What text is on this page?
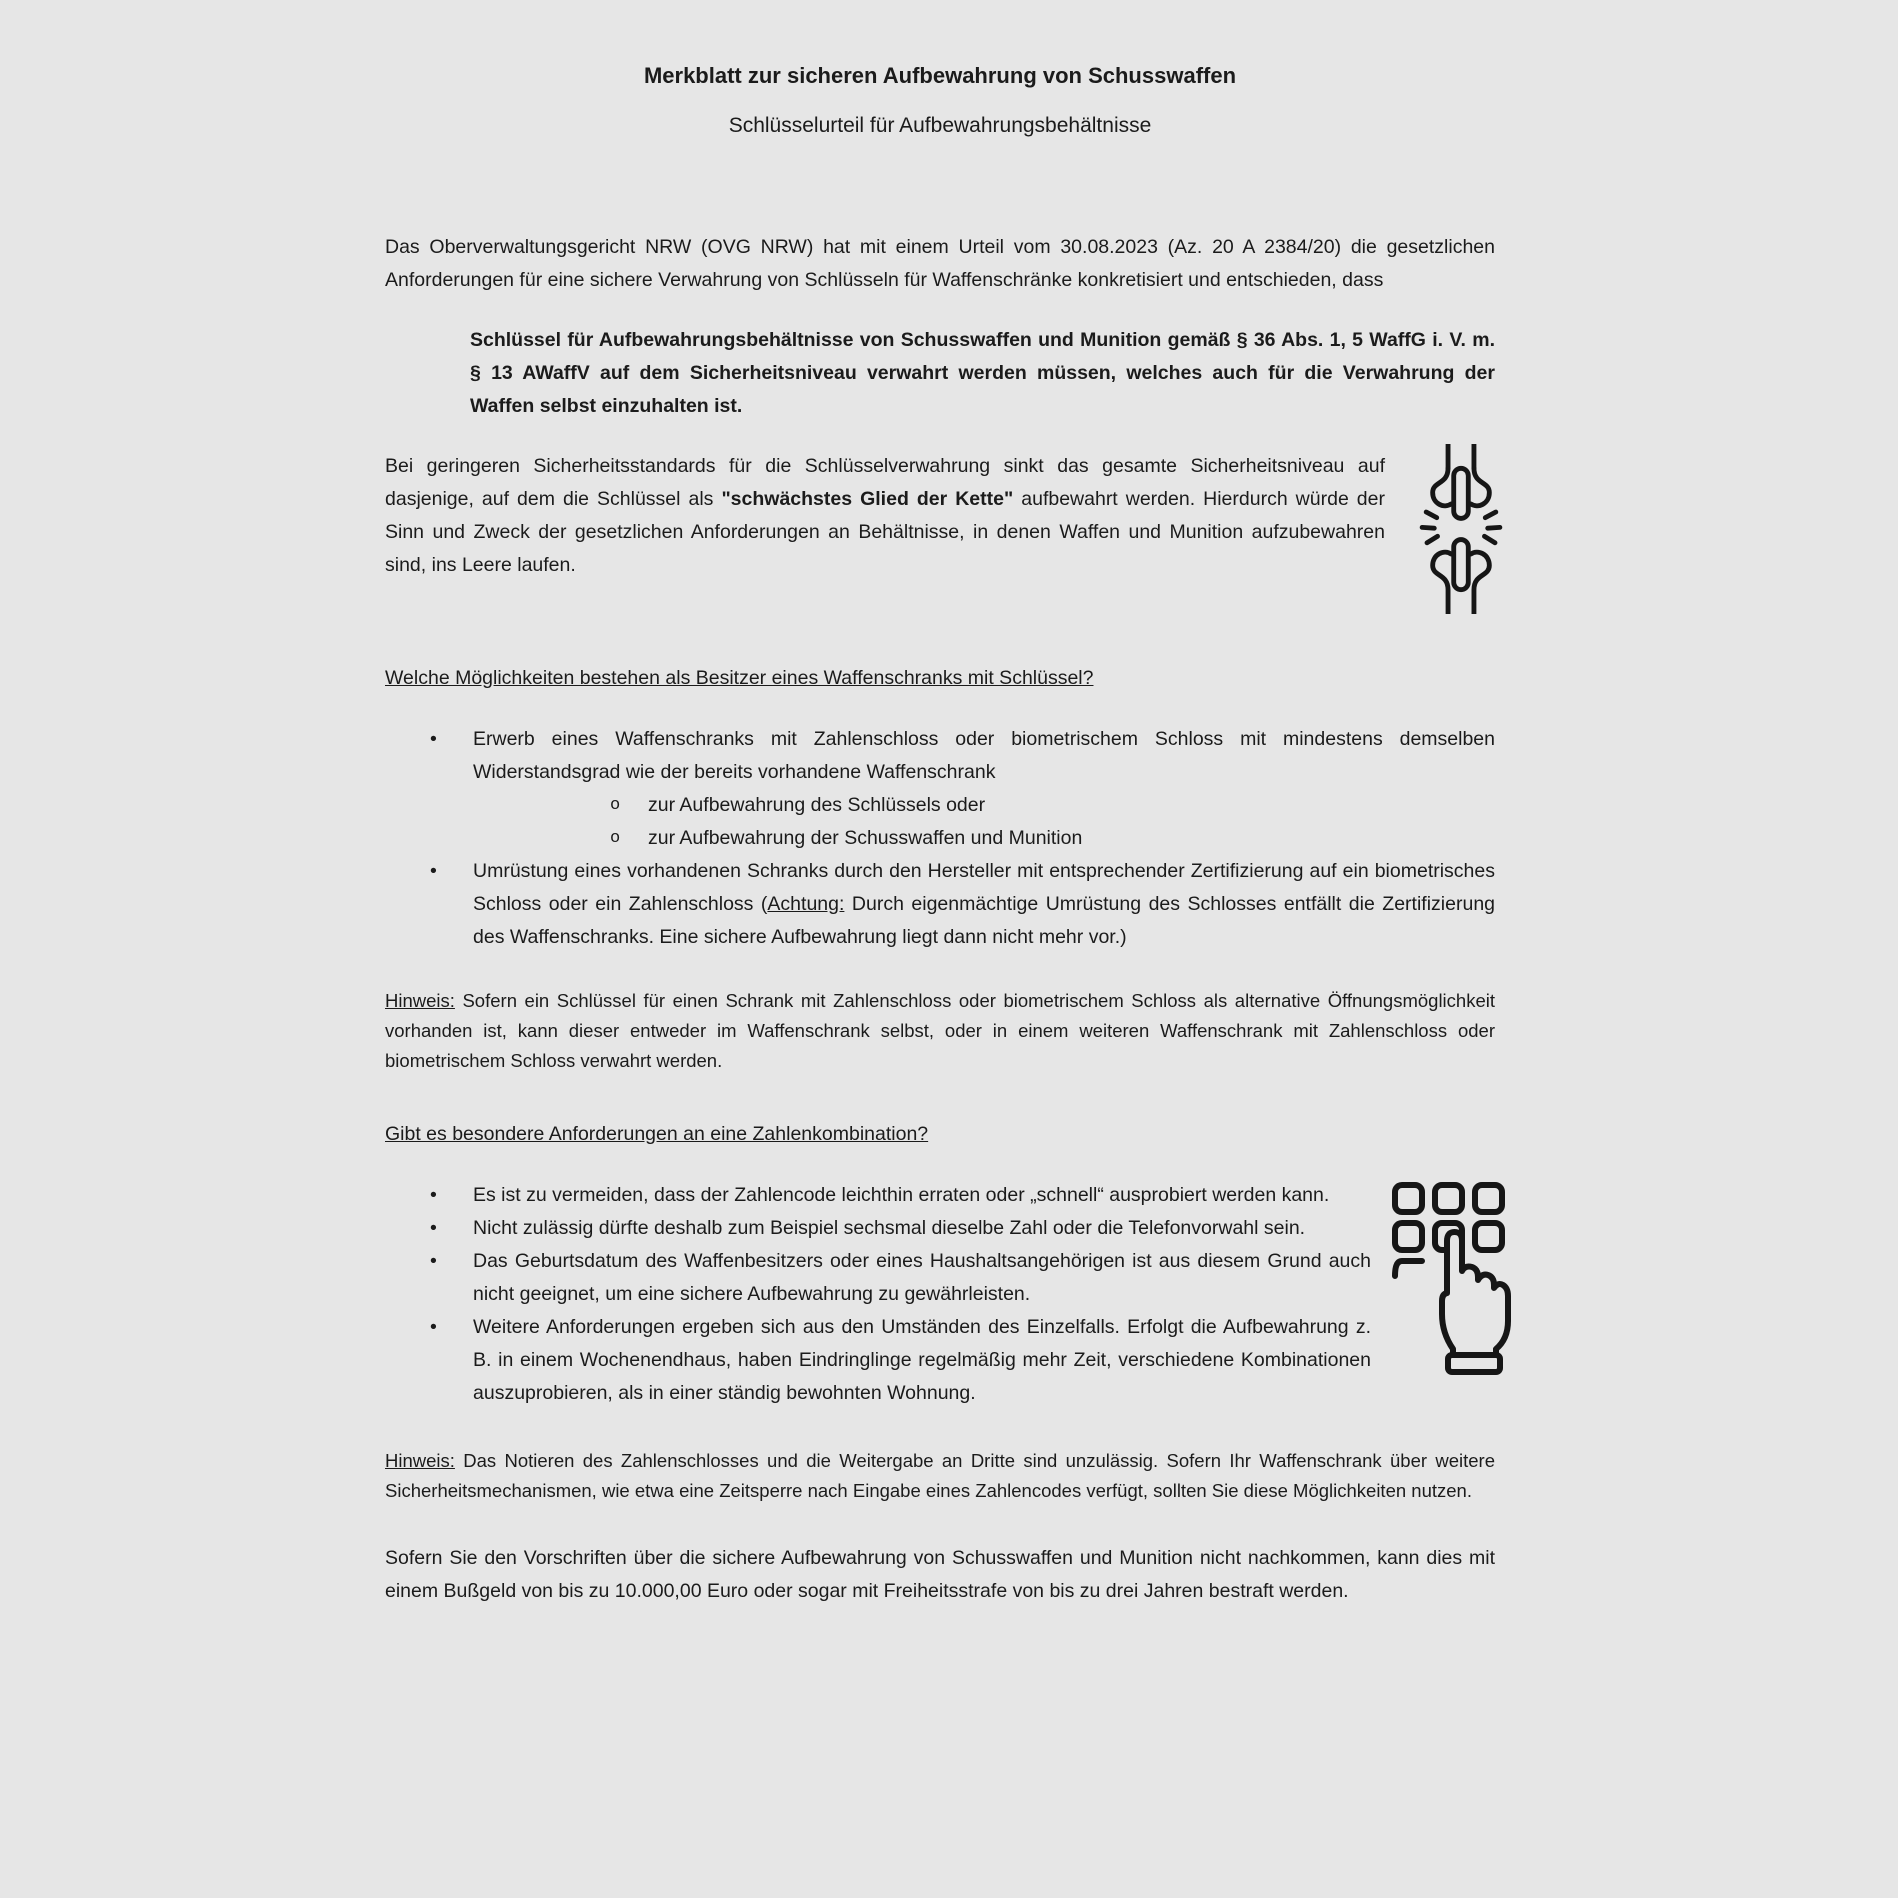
Merkblatt zur sicheren Aufbewahrung von Schusswaffen

Schlüsselurteil für Aufbewahrungsbehältnisse

Das Oberverwaltungsgericht NRW (OVG NRW) hat mit einem Urteil vom 30.08.2023 (Az. 20 A 2384/20) die gesetzlichen Anforderungen für eine sichere Verwahrung von Schlüsseln für Waffenschränke konkretisiert und entschieden, dass

Schlüssel für Aufbewahrungsbehältnisse von Schusswaffen und Munition gemäß § 36 Abs. 1, 5 WaffG i. V. m. § 13 AWaffV auf dem Sicherheitsniveau verwahrt werden müssen, welches auch für die Verwahrung der Waffen selbst einzuhalten ist.

Bei geringeren Sicherheitsstandards für die Schlüsselverwahrung sinkt das gesamte Sicherheitsniveau auf dasjenige, auf dem die Schlüssel als "schwächstes Glied der Kette" aufbewahrt werden. Hierdurch würde der Sinn und Zweck der gesetzlichen Anforderungen an Behältnisse, in denen Waffen und Munition aufzubewahren sind, ins Leere laufen.

Welche Möglichkeiten bestehen als Besitzer eines Waffenschranks mit Schlüssel?

• Erwerb eines Waffenschranks mit Zahlenschloss oder biometrischem Schloss mit mindestens demselben Widerstandsgrad wie der bereits vorhandene Waffenschrank
o zur Aufbewahrung des Schlüssels oder
o zur Aufbewahrung der Schusswaffen und Munition
• Umrüstung eines vorhandenen Schranks durch den Hersteller mit entsprechender Zertifizierung auf ein biometrisches Schloss oder ein Zahlenschloss (Achtung: Durch eigenmächtige Umrüstung des Schlosses entfällt die Zertifizierung des Waffenschranks. Eine sichere Aufbewahrung liegt dann nicht mehr vor.)

Hinweis: Sofern ein Schlüssel für einen Schrank mit Zahlenschloss oder biometrischem Schloss als alternative Öffnungsmöglichkeit vorhanden ist, kann dieser entweder im Waffenschrank selbst, oder in einem weiteren Waffenschrank mit Zahlenschloss oder biometrischem Schloss verwahrt werden.

Gibt es besondere Anforderungen an eine Zahlenkombination?

• Es ist zu vermeiden, dass der Zahlencode leichthin erraten oder „schnell“ ausprobiert werden kann.
• Nicht zulässig dürfte deshalb zum Beispiel sechsmal dieselbe Zahl oder die Telefonvorwahl sein.
• Das Geburtsdatum des Waffenbesitzers oder eines Haushaltsangehörigen ist aus diesem Grund auch nicht geeignet, um eine sichere Aufbewahrung zu gewährleisten.
• Weitere Anforderungen ergeben sich aus den Umständen des Einzelfalls. Erfolgt die Aufbewahrung z. B. in einem Wochenendhaus, haben Eindringlinge regelmäßig mehr Zeit, verschiedene Kombinationen auszuprobieren, als in einer ständig bewohnten Wohnung.

Hinweis: Das Notieren des Zahlenschlosses und die Weitergabe an Dritte sind unzulässig. Sofern Ihr Waffenschrank über weitere Sicherheitsmechanismen, wie etwa eine Zeitsperre nach Eingabe eines Zahlencodes verfügt, sollten Sie diese Möglichkeiten nutzen.

Sofern Sie den Vorschriften über die sichere Aufbewahrung von Schusswaffen und Munition nicht nachkommen, kann dies mit einem Bußgeld von bis zu 10.000,00 Euro oder sogar mit Freiheitsstrafe von bis zu drei Jahren bestraft werden.
